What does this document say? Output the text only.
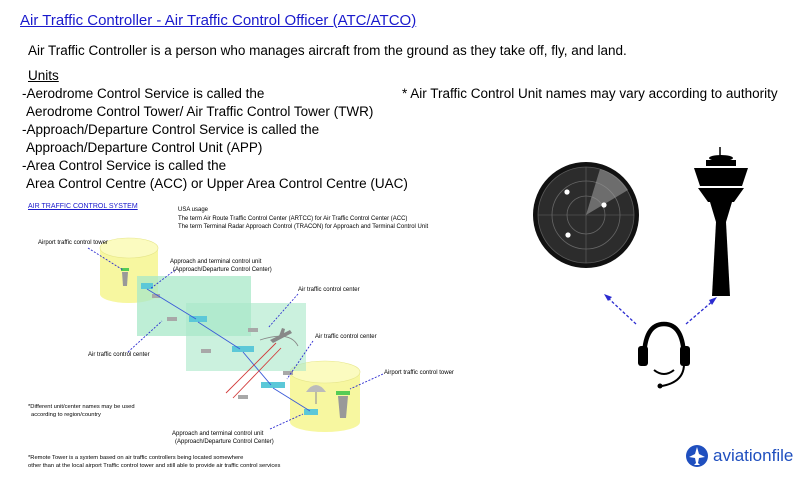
Air Traffic Controller - Air Traffic Control Officer (ATC/ATCO)
Air Traffic Controller is a person who manages aircraft from the ground as they take off, fly, and land.
Units
-Aerodrome Control Service is called the
Aerodrome Control Tower/ Air Traffic Control Tower (TWR)
-Approach/Departure Control Service is called the
Approach/Departure Control Unit (APP)
-Area Control Service is called the
Area Control Centre (ACC) or Upper Area Control Centre (UAC)
* Air Traffic Control Unit names may vary according to authority
AIR TRAFFIC CONTROL SYSTEM	USA usage
The term Air Route Traffic Control Center (ARTCC) for Air Traffic Control Center (ACC)
The term Terminal Radar Approach Control (TRACON) for Approach and Terminal Control Unit
Airport traffic control tower
Approach and terminal control unit
(Approach/Departure Control Center)
Air traffic control center
Air traffic control center
Air traffic control center
Airport traffic control tower
Approach and terminal control unit
(Approach/Departure Control Center)
*Different unit/center names may be used
according to region/country
*Remote Tower is a system based on air traffic controllers being located somewhere
other than at the local airport Traffic control tower and still able to provide air traffic control services
aviationfile
